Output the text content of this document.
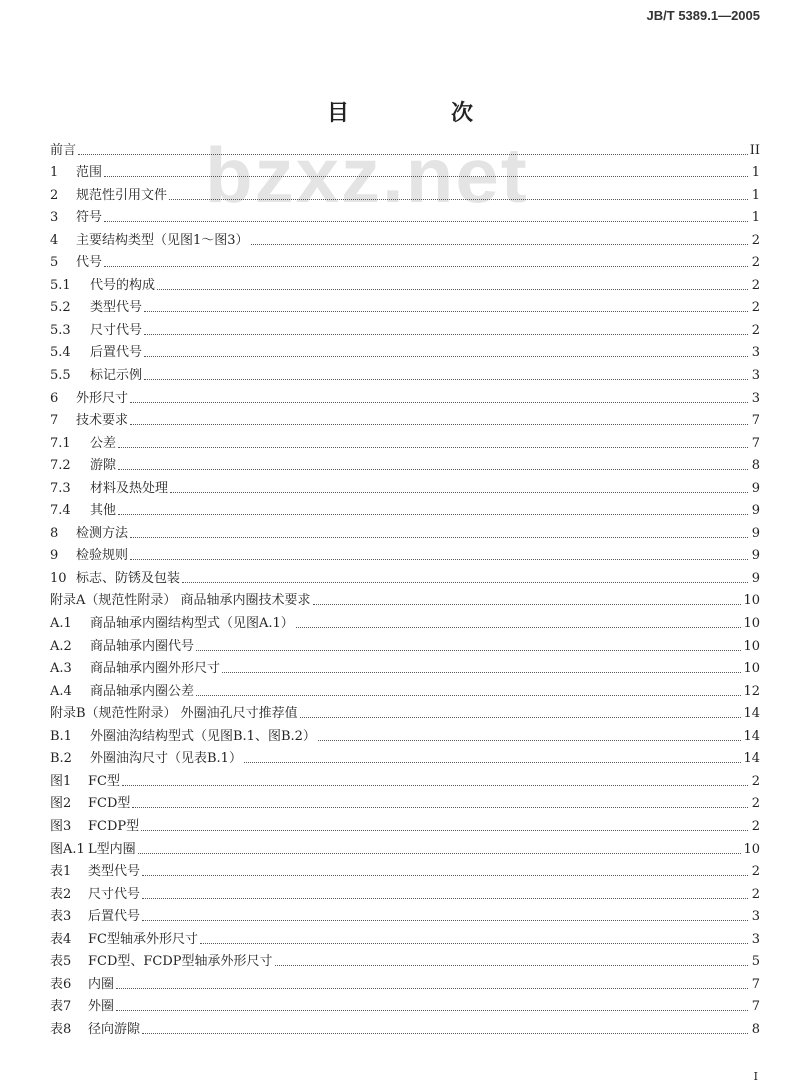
JB/T 5389.1—2005
bzxz.net
目　次
前言	II
1	范围	1
2	规范性引用文件	1
3	符号	1
4	主要结构类型（见图1～图3）	2
5	代号	2
5.1	代号的构成	2
5.2	类型代号	2
5.3	尺寸代号	2
5.4	后置代号	3
5.5	标记示例	3
6	外形尺寸	3
7	技术要求	7
7.1	公差	7
7.2	游隙	8
7.3	材料及热处理	9
7.4	其他	9
8	检测方法	9
9	检验规则	9
10 标志、防锈及包装	9
附录A（规范性附录） 商品轴承内圈技术要求	10
A.1	商品轴承内圈结构型式（见图A.1）	10
A.2	商品轴承内圈代号	10
A.3	商品轴承内圈外形尺寸	10
A.4	商品轴承内圈公差	12
附录B（规范性附录） 外圈油孔尺寸推荐值	14
B.1	外圈油沟结构型式（见图B.1、图B.2）	14
B.2	外圈油沟尺寸（见表B.1）	14
图1	FC型	2
图2	FCD型	2
图3	FCDP型	2
图A.1 L型内圈	10
表1	类型代号	2
表2	尺寸代号	2
表3	后置代号	3
表4	FC型轴承外形尺寸	3
表5	FCD型、FCDP型轴承外形尺寸	5
表6	内圈	7
表7	外圈	7
表8	径向游隙	8
I
